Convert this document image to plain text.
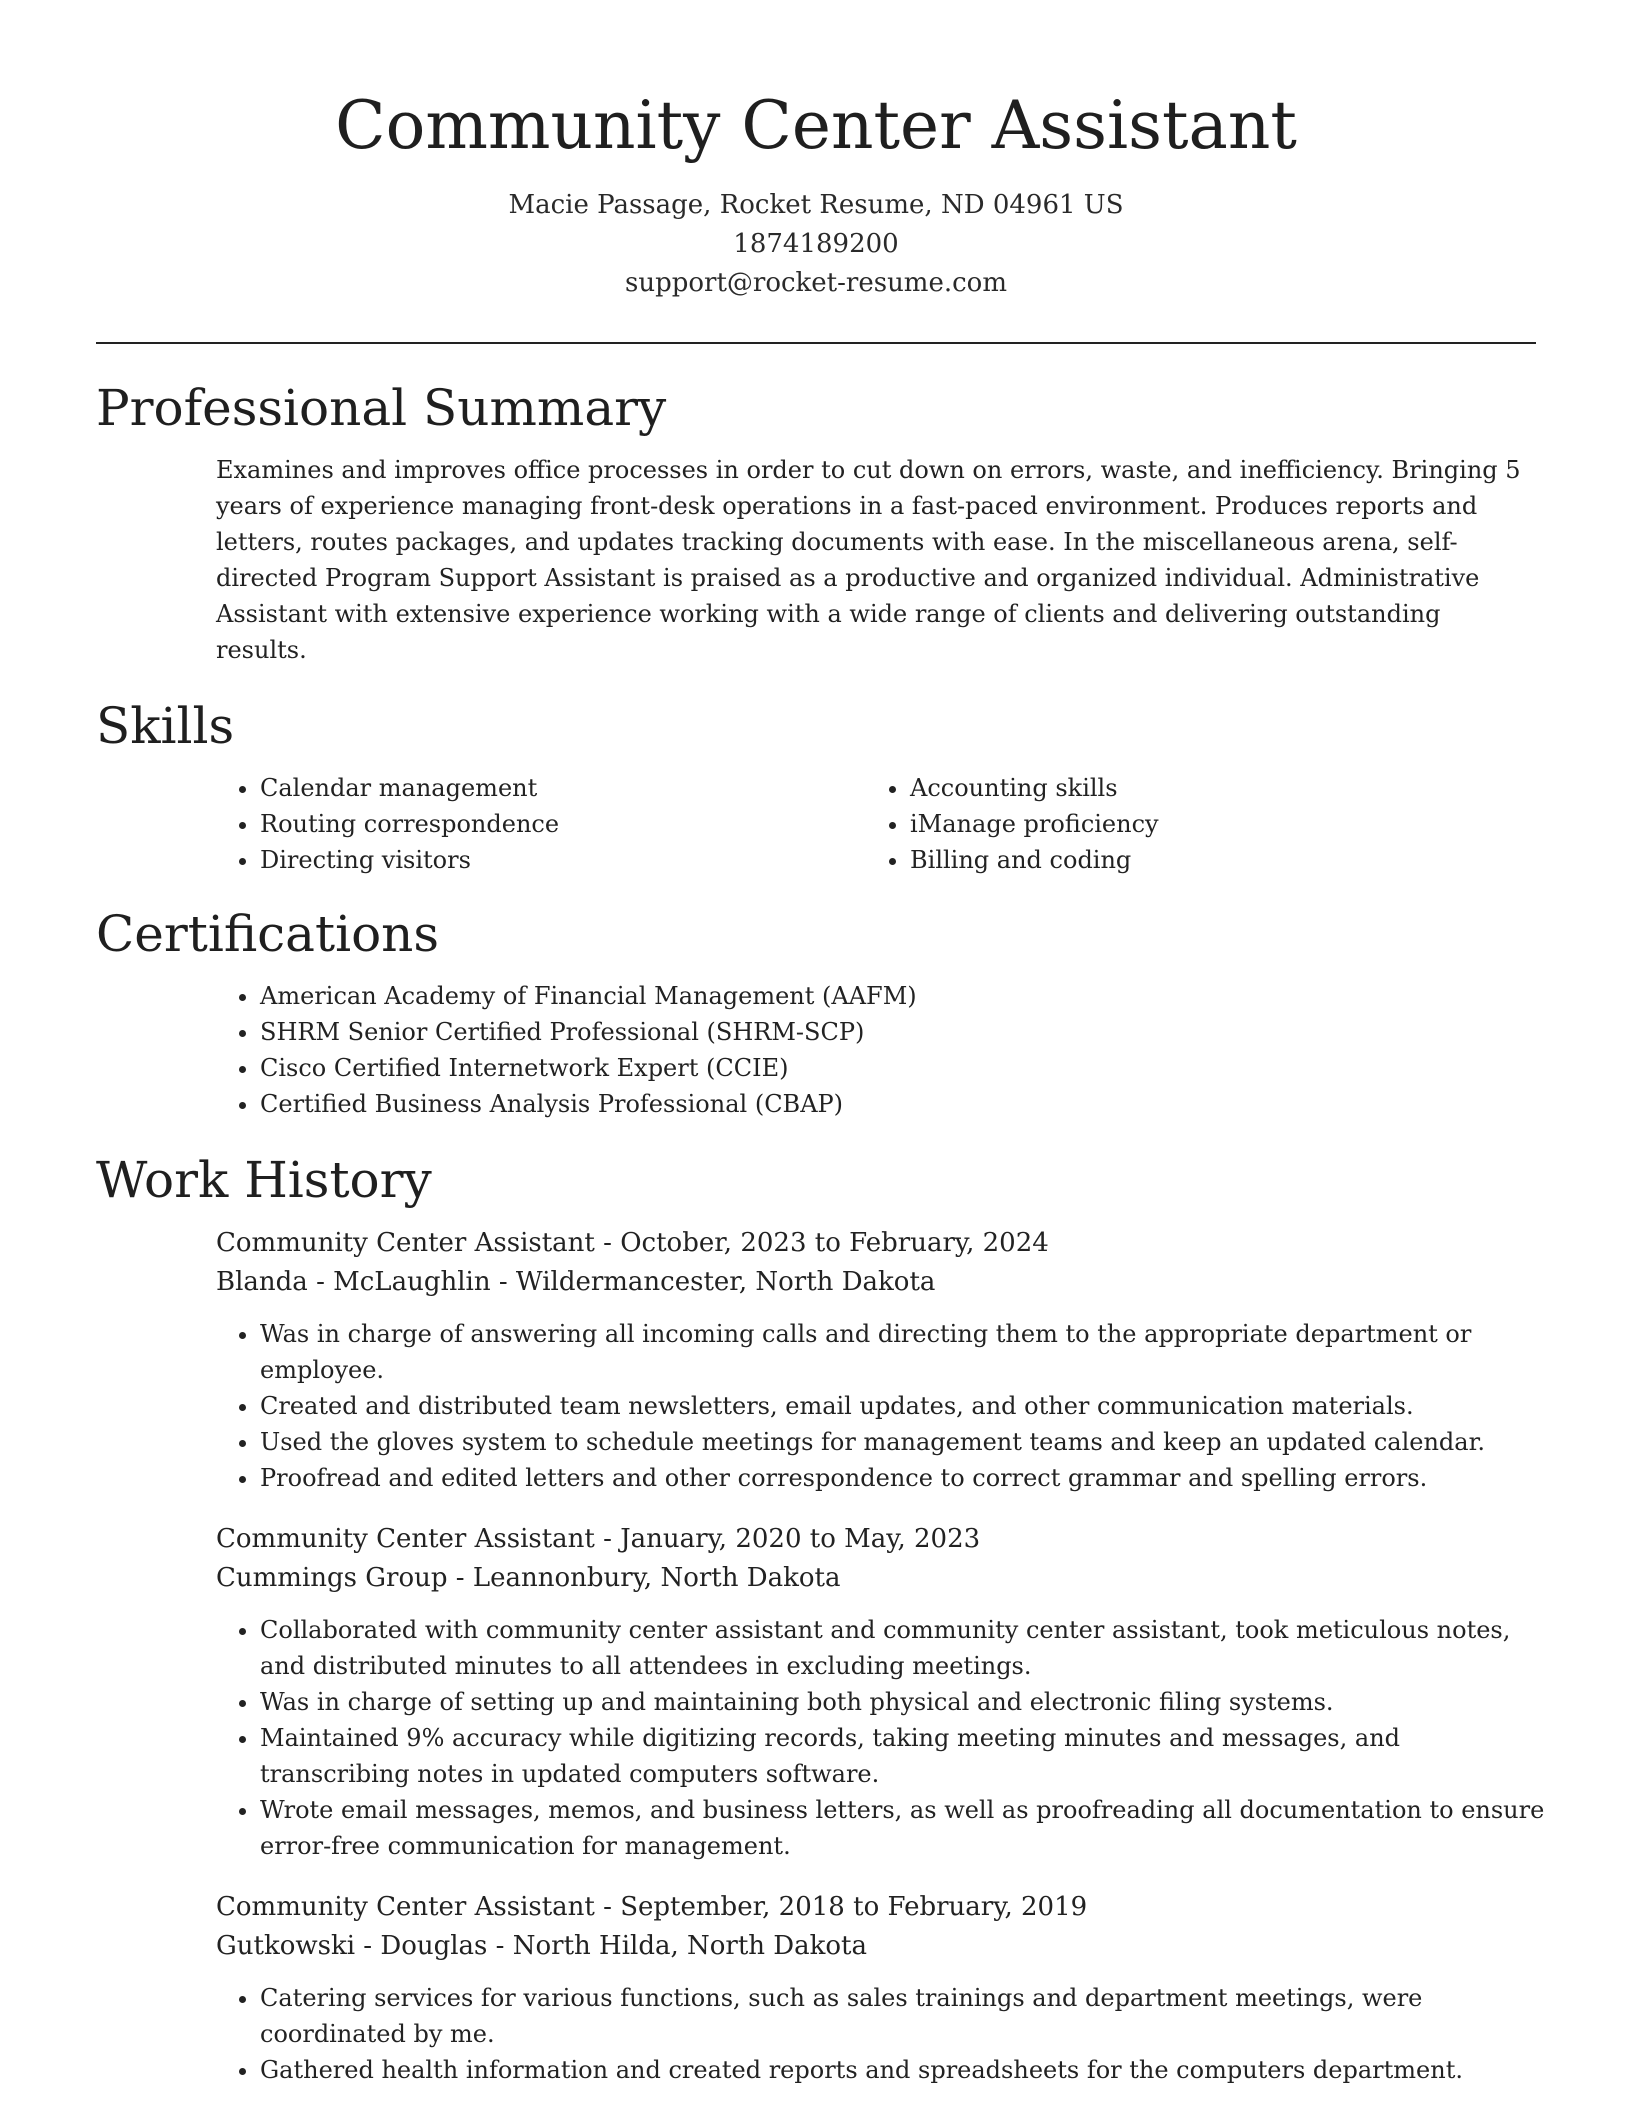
Community Center Assistant
Macie Passage, Rocket Resume, ND 04961 US
1874189200
support@rocket-resume.com
Professional Summary

Examines and improves office processes in order to cut down on errors, waste, and inefficiency. Bringing 5 years of experience managing front-desk operations in a fast-paced environment. Produces reports and letters, routes packages, and updates tracking documents with ease. In the miscellaneous arena, self-directed Program Support Assistant is praised as a productive and organized individual. Administrative Assistant with extensive experience working with a wide range of clients and delivering outstanding results.

Skills
• Calendar management
• Routing correspondence
• Directing visitors
• Accounting skills
• iManage proficiency
• Billing and coding
Certifications
• American Academy of Financial Management (AAFM)
• SHRM Senior Certified Professional (SHRM-SCP)
• Cisco Certified Internetwork Expert (CCIE)
• Certified Business Analysis Professional (CBAP)
Work History
Community Center Assistant - October, 2023 to February, 2024
Blanda - McLaughlin - Wildermancester, North Dakota
• Was in charge of answering all incoming calls and directing them to the appropriate department or employee.
• Created and distributed team newsletters, email updates, and other communication materials.
• Used the gloves system to schedule meetings for management teams and keep an updated calendar.
• Proofread and edited letters and other correspondence to correct grammar and spelling errors.
Community Center Assistant - January, 2020 to May, 2023
Cummings Group - Leannonbury, North Dakota
• Collaborated with community center assistant and community center assistant, took meticulous notes, and distributed minutes to all attendees in excluding meetings.
• Was in charge of setting up and maintaining both physical and electronic filing systems.
• Maintained 9% accuracy while digitizing records, taking meeting minutes and messages, and transcribing notes in updated computers software.
• Wrote email messages, memos, and business letters, as well as proofreading all documentation to ensure error-free communication for management.
Community Center Assistant - September, 2018 to February, 2019
Gutkowski - Douglas - North Hilda, North Dakota
• Catering services for various functions, such as sales trainings and department meetings, were coordinated by me.
• Gathered health information and created reports and spreadsheets for the computers department.
